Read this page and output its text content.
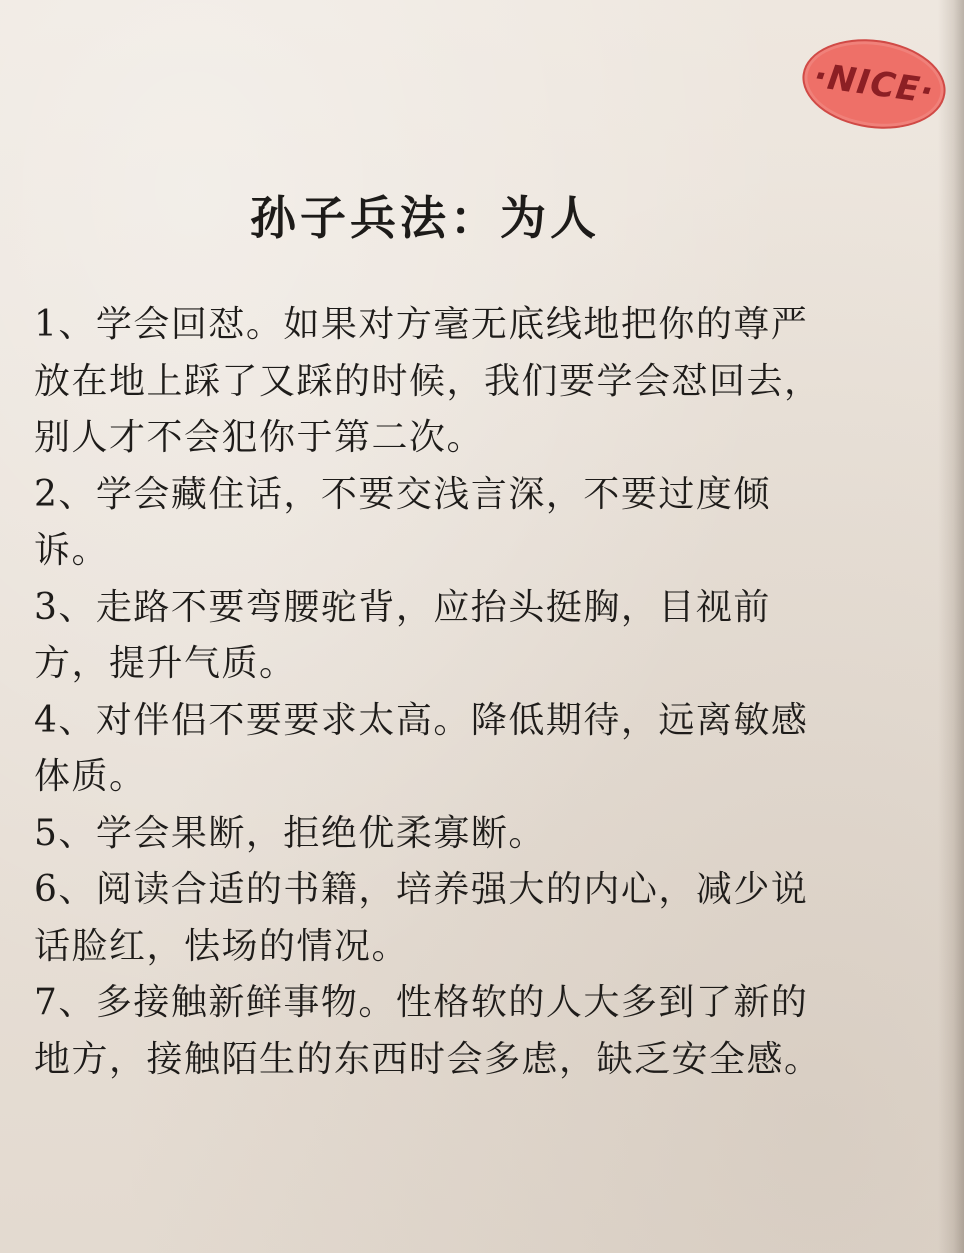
·NICE·
孙子兵法：为人
1、学会回怼。如果对方毫无底线地把你的尊严放在地上踩了又踩的时候，我们要学会怼回去，别人才不会犯你于第二次。
2、学会藏住话，不要交浅言深，不要过度倾诉。
3、走路不要弯腰驼背，应抬头挺胸，目视前方，提升气质。
4、对伴侣不要要求太高。降低期待，远离敏感体质。
5、学会果断，拒绝优柔寡断。
6、阅读合适的书籍，培养强大的内心，减少说话脸红，怯场的情况。
7、多接触新鲜事物。性格软的人大多到了新的地方，接触陌生的东西时会多虑，缺乏安全感。
